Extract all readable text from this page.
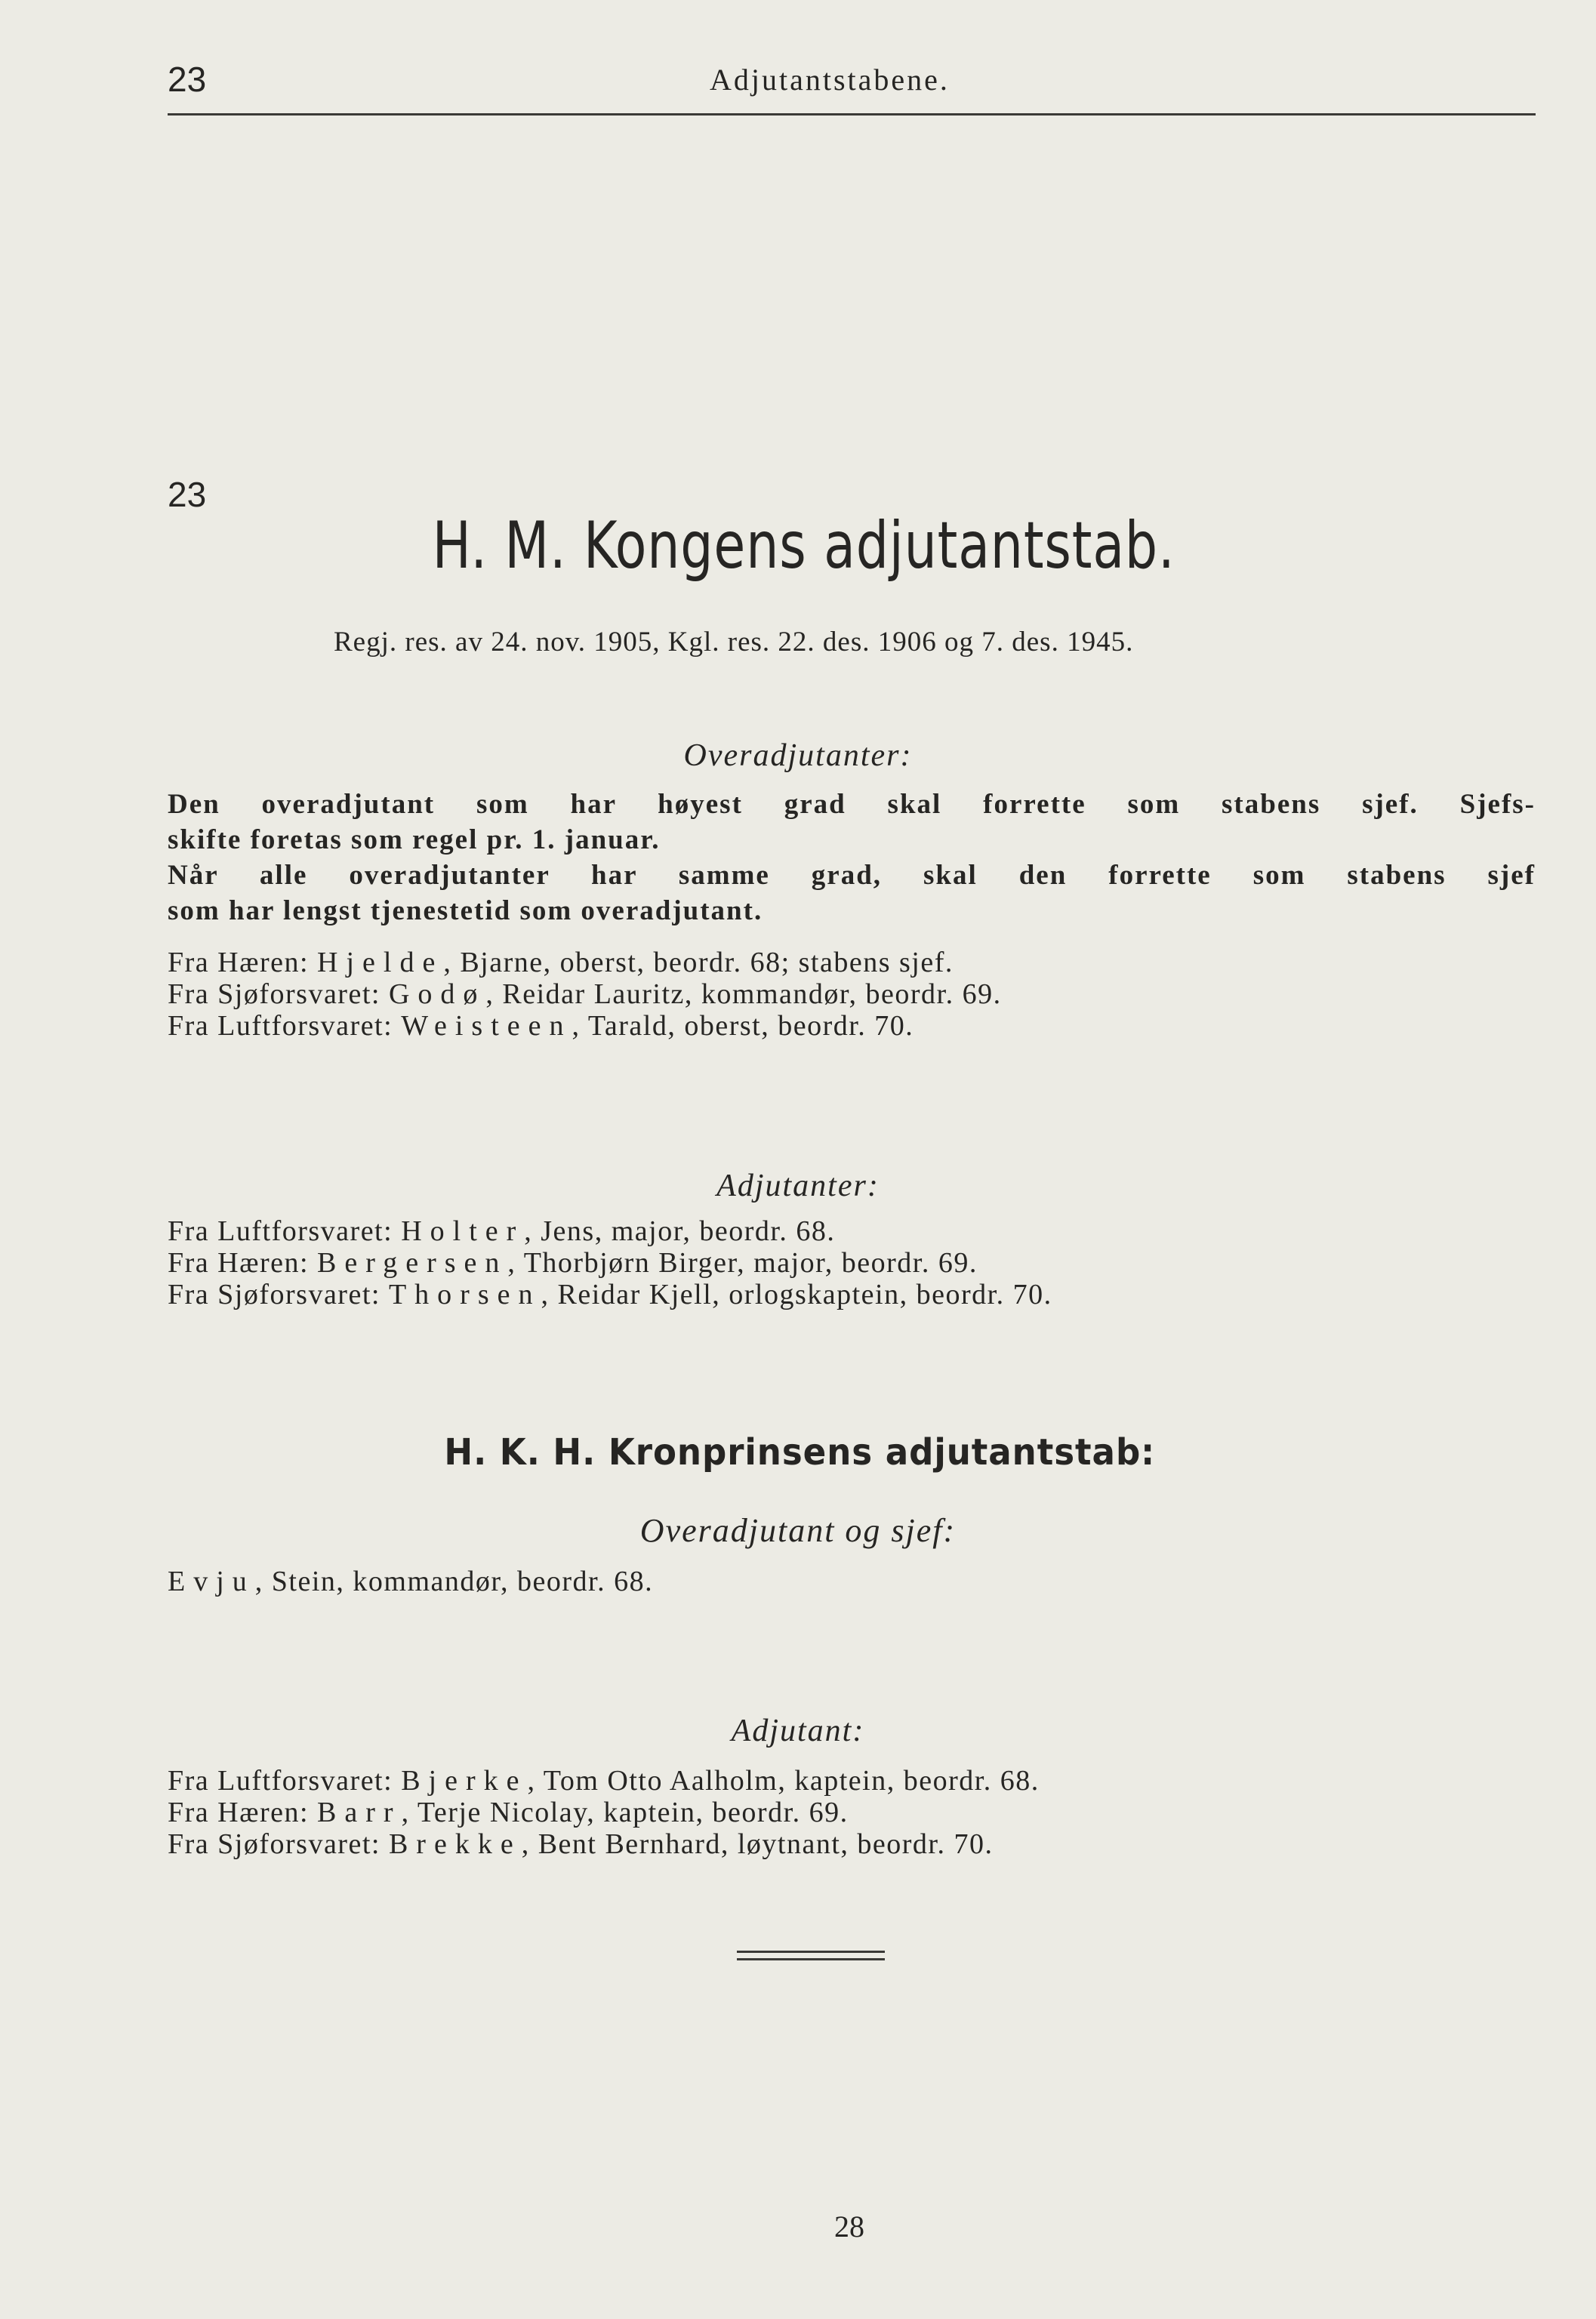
23	Adjutantstabene.
23
H. M. Kongens adjutantstab.
Regj. res. av 24. nov. 1905, Kgl. res. 22. des. 1906 og 7. des. 1945.
Overadjutanter:
Den overadjutant som har høyest grad skal forrette som stabens sjef. Sjefs-
skifte foretas som regel pr. 1. januar.
Når alle overadjutanter har samme grad, skal den forrette som stabens sjef
som har lengst tjenestetid som overadjutant.
Fra Hæren: Hjelde, Bjarne, oberst, beordr. 68; stabens sjef.
Fra Sjøforsvaret: Godø, Reidar Lauritz, kommandør, beordr. 69.
Fra Luftforsvaret: Weisteen, Tarald, oberst, beordr. 70.
Adjutanter:
Fra Luftforsvaret: Holter, Jens, major, beordr. 68.
Fra Hæren: Bergersen, Thorbjørn Birger, major, beordr. 69.
Fra Sjøforsvaret: Thorsen, Reidar Kjell, orlogskaptein, beordr. 70.
H. K. H. Kronprinsens adjutantstab:
Overadjutant og sjef:
Evju, Stein, kommandør, beordr. 68.
Adjutant:
Fra Luftforsvaret: Bjerke, Tom Otto Aalholm, kaptein, beordr. 68.
Fra Hæren: Barr, Terje Nicolay, kaptein, beordr. 69.
Fra Sjøforsvaret: Brekke, Bent Bernhard, løytnant, beordr. 70.
28
